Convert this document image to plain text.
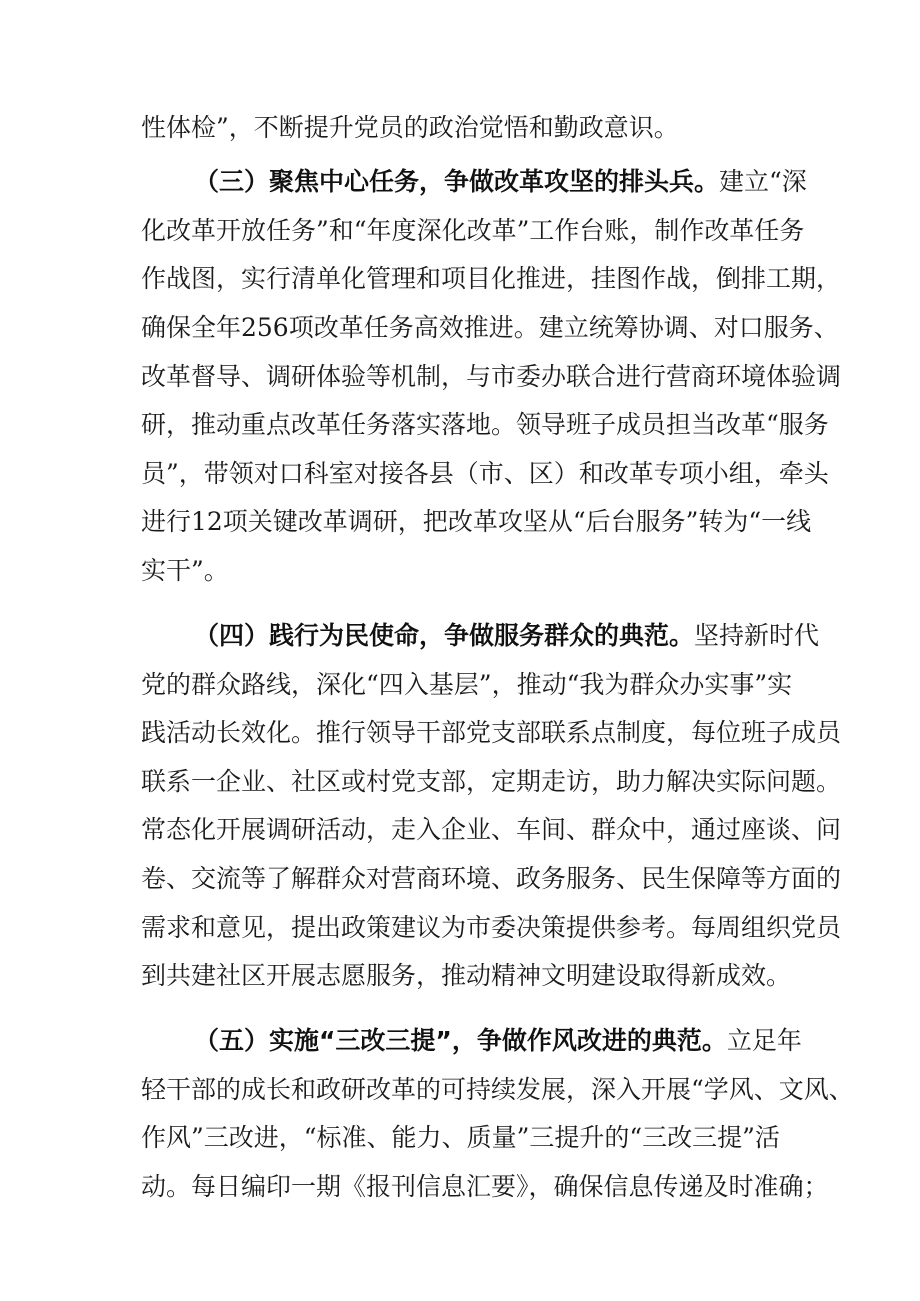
性体检”，不断提升党员的政治觉悟和勤政意识。
（三）聚焦中心任务，争做改革攻坚的排头兵。建立“深
化改革开放任务”和“年度深化改革”工作台账，制作改革任务
作战图，实行清单化管理和项目化推进，挂图作战，倒排工期，
确保全年256项改革任务高效推进。建立统筹协调、对口服务、
改革督导、调研体验等机制，与市委办联合进行营商环境体验调
研，推动重点改革任务落实落地。领导班子成员担当改革“服务
员”，带领对口科室对接各县（市、区）和改革专项小组，牵头
进行12项关键改革调研，把改革攻坚从“后台服务”转为“一线
实干”。
（四）践行为民使命，争做服务群众的典范。坚持新时代
党的群众路线，深化“四入基层”，推动“我为群众办实事”实
践活动长效化。推行领导干部党支部联系点制度，每位班子成员
联系一企业、社区或村党支部，定期走访，助力解决实际问题。
常态化开展调研活动，走入企业、车间、群众中，通过座谈、问
卷、交流等了解群众对营商环境、政务服务、民生保障等方面的
需求和意见，提出政策建议为市委决策提供参考。每周组织党员
到共建社区开展志愿服务，推动精神文明建设取得新成效。
（五）实施“三改三提”，争做作风改进的典范。立足年
轻干部的成长和政研改革的可持续发展，深入开展“学风、文风、
作风”三改进，“标准、能力、质量”三提升的“三改三提”活
动。每日编印一期《报刊信息汇要》，确保信息传递及时准确；
